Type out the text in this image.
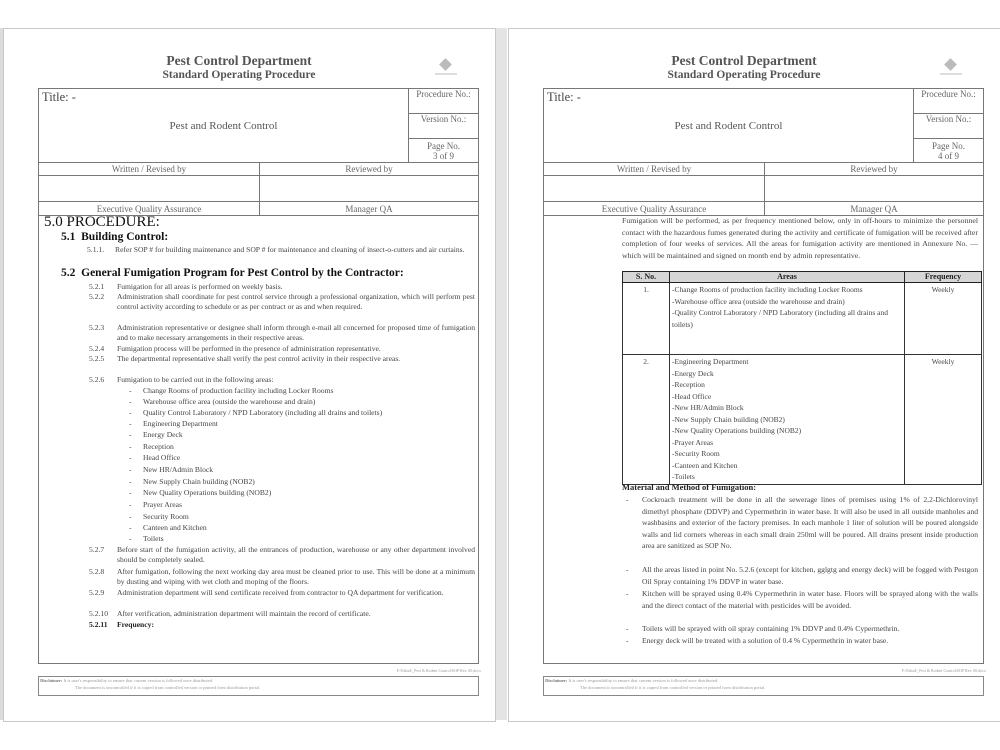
Pest Control Department
Standard Operating Procedure
Title: -
Pest and Rodent Control		Procedure No.:
		Version No.:
		Page No.
3 of 9
Written / Revised by	Reviewed by	

Executive Quality Assurance	Manager QA	
5.0 PROCEDURE:
5.1 Building Control:
5.1.1. Refer SOP # for building maintenance and SOP # for maintenance and cleaning of insect-o-cutters and air curtains.
5.2 General Fumigation Program for Pest Control by the Contractor:
5.2.1 Fumigation for all areas is performed on weekly basis.
5.2.2 Administration shall coordinate for pest control service through a professional organization, which will perform pest control activity according to schedule or as per contract or as and when required.
5.2.3 Administration representative or designee shall inform through e-mail all concerned for proposed time of fumigation and to make necessary arrangements in their respective areas.
5.2.4 Fumigation process will be performed in the presence of administration representative.
5.2.5 The departmental representative shall verify the pest control activity in their respective areas.
5.2.6 Fumigation to be carried out in the following areas:
- Change Rooms of production facility including Locker Rooms
- Warehouse office area (outside the warehouse and drain)
- Quality Control Laboratory / NPD Laboratory (including all drains and toilets)
- Engineering Department
- Energy Deck
- Reception
- Head Office
- New HR/Admin Block
- New Supply Chain building (NOB2)
- New Quality Operations building (NOB2)
- Prayer Areas
- Security Room
- Canteen and Kitchen
- Toilets
5.2.7 Before start of the fumigation activity, all the entrances of production, warehouse or any other department involved should be completely sealed.
5.2.8 After fumigation, following the next working day area must be cleaned prior to use. This will be done at a minimum by dusting and wiping with wet cloth and moping of the floors.
5.2.9 Administration department will send certificate received from contractor to QA department for verification.
5.2.10 After verification, administration department will maintain the record of certificate.
5.2.11 Frequency:
F:\Fahad\_Pest & Rodent Control\SOP Rev. 00.docx
Disclaimer: It is user's responsibility to ensure that current version is followed once distributed.
The document is uncontrolled if it is copied from controlled version or printed form distribution portal.
Pest Control Department
Standard Operating Procedure
Title: -
Pest and Rodent Control		Procedure No.:
		Version No.:
		Page No.
4 of 9
Written / Revised by	Reviewed by	

Executive Quality Assurance	Manager QA	
Fumigation will be performed, as per frequency mentioned below, only in off-hours to minimize the personnel contact with the hazardous fumes generated during the activity and certificate of fumigation will be received after completion of four weeks of services. All the areas for fumigation activity are mentioned in Annexure No. — which will be maintained and signed on month end by admin representative.
S. No.	Areas	Frequency
1.	-Change Rooms of production facility including Locker Rooms
-Warehouse office area (outside the warehouse and drain)
-Quality Control Laboratory / NPD Laboratory (including all drains and toilets)	Weekly
2.	-Engineering Department
-Energy Deck
-Reception
-Head Office
-New HR/Admin Block
-New Supply Chain building (NOB2)
-New Quality Operations building (NOB2)
-Prayer Areas
-Security Room
-Canteen and Kitchen
-Toilets
	Weekly
Material and Method of Fumigation:
- Cockroach treatment will be done in all the sewerage lines of premises using 1% of 2,2-Dichlorovinyl dimethyl phosphate (DDVP) and Cypermethrin in water base. It will also be used in all outside manholes and washbasins and exterior of the factory premises. In each manhole 1 liter of solution will be poured alongside walls and lid corners whereas in each small drain 250ml will be poured. All drains present inside production area are sanitized as SOP No.
- All the areas listed in point No. 5.2.6 (except for kitchen, gglgtg and energy deck) will be fogged with Pestgon Oil Spray containing 1% DDVP in water base.
- Kitchen will be sprayed using 0.4% Cypermethrin in water base. Floors will be sprayed along with the walls and the direct contact of the material with pesticides will be avoided.
- Toilets will be sprayed with oil spray containing 1% DDVP and 0.4% Cypermethrin.
- Energy deck will be treated with a solution of 0.4 % Cypermethrin in water base.
F:\Fahad\_Pest & Rodent Control\SOP Rev. 00.docx
Disclaimer: It is user's responsibility to ensure that current version is followed once distributed.
The document is uncontrolled if it is copied from controlled version or printed form distribution portal.
